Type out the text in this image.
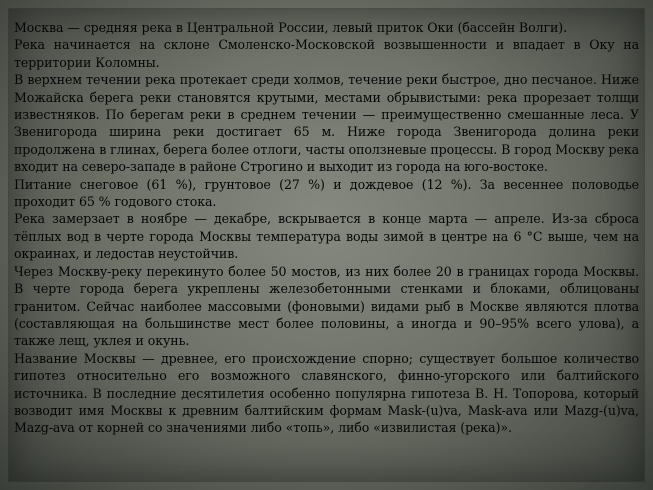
Москва — средняя река в Центральной России, левый приток Оки (бассейн Волги).

Река начинается на склоне Смоленско-Московской возвышенности и впадает в Оку на территории Коломны.

В верхнем течении река протекает среди холмов, течение реки быстрое, дно песчаное. Ниже Можайска берега реки становятся крутыми, местами обрывистыми: река прорезает толщи известняков. По берегам реки в среднем течении — преимущественно смешанные леса. У Звенигорода ширина реки достигает 65 м. Ниже города Звенигорода долина реки продолжена в глинах, берега более отлоги, часты оползневые процессы. В город Москву река входит на северо-западе в районе Строгино и выходит из города на юго-востоке.

Питание снеговое (61 %), грунтовое (27 %) и дождевое (12 %). За весеннее половодье проходит 65 % годового стока.

Река замерзает в ноябре — декабре, вскрывается в конце марта — апреле. Из-за сброса тёплых вод в черте города Москвы температура воды зимой в центре на 6 °С выше, чем на окраинах, и ледостав неустойчив.

Через Москву-реку перекинуто более 50 мостов, из них более 20 в границах города Москвы. В черте города берега укреплены железобетонными стенками и блоками, облицованы гранитом. Сейчас наиболее массовыми (фоновыми) видами рыб в Москве являются плотва (составляющая на большинстве мест более половины, а иногда и 90–95% всего улова), а также лещ, уклея и окунь.

Название Москвы — древнее, его происхождение спорно; существует большое количество гипотез относительно его возможного славянского, финно-угорского или балтийского источника. В последние десятилетия особенно популярна гипотеза В. Н. Топорова, который возводит имя Москвы к древним балтийским формам Mask-(u)va, Mask-ava или Mazg-(u)va, Mazg-ava от корней со значениями либо «топь», либо «извилистая (река)».
